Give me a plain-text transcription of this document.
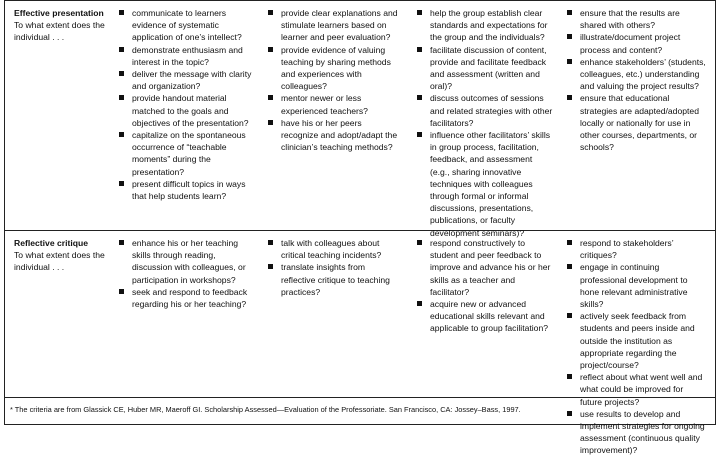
Effective presentation
To what extent does the individual . . .
communicate to learners evidence of systematic application of one’s intellect?
demonstrate enthusiasm and interest in the topic?
deliver the message with clarity and organization?
provide handout material matched to the goals and objectives of the presentation?
capitalize on the spontaneous occurrence of “teachable moments” during the presentation?
present difficult topics in ways that help students learn?
provide clear explanations and stimulate learners based on learner and peer evaluation?
provide evidence of valuing teaching by sharing methods and experiences with colleagues?
mentor newer or less experienced teachers?
have his or her peers recognize and adopt/adapt the clinician’s teaching methods?
help the group establish clear standards and expectations for the group and the individuals?
facilitate discussion of content, provide and facilitate feedback and assessment (written and oral)?
discuss outcomes of sessions and related strategies with other facilitators?
influence other facilitators’ skills in group process, facilitation, feedback, and assessment (e.g., sharing innovative techniques with colleagues through formal or informal discussions, presentations, publications, or faculty development seminars)?
ensure that the results are shared with others?
illustrate/document project process and content?
enhance stakeholders’ (students, colleagues, etc.) understanding and valuing the project results?
ensure that educational strategies are adapted/adopted locally or nationally for use in other courses, departments, or schools?
Reflective critique
To what extent does the individual . . .
enhance his or her teaching skills through reading, discussion with colleagues, or participation in workshops?
seek and respond to feedback regarding his or her teaching?
talk with colleagues about critical teaching incidents?
translate insights from reflective critique to teaching practices?
respond constructively to student and peer feedback to improve and advance his or her skills as a teacher and facilitator?
acquire new or advanced educational skills relevant and applicable to group facilitation?
respond to stakeholders’ critiques?
engage in continuing professional development to hone relevant administrative skills?
actively seek feedback from students and peers inside and outside the institution as appropriate regarding the project/course?
reflect about what went well and what could be improved for future projects?
use results to develop and implement strategies for ongoing assessment (continuous quality improvement)?
* The criteria are from Glassick CE, Huber MR, Maeroff GI. Scholarship Assessed—Evaluation of the Professoriate. San Francisco, CA: Jossey–Bass, 1997.
